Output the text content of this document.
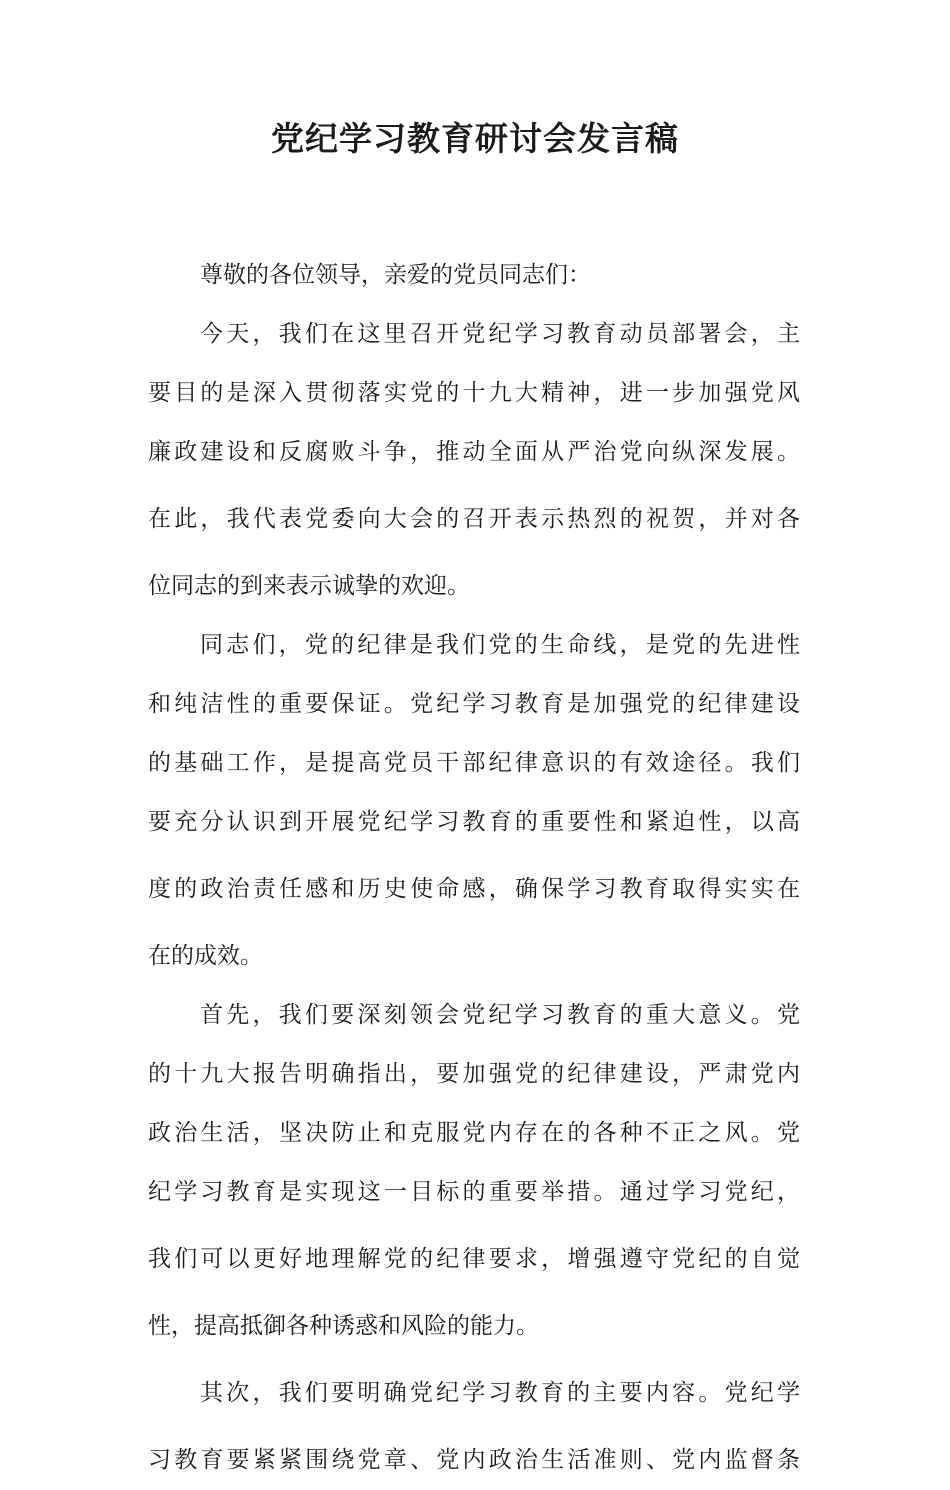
党纪学习教育研讨会发言稿
尊敬的各位领导，亲爱的党员同志们：
今天，我们在这里召开党纪学习教育动员部署会，主
要目的是深入贯彻落实党的十九大精神，进一步加强党风
廉政建设和反腐败斗争，推动全面从严治党向纵深发展。
在此，我代表党委向大会的召开表示热烈的祝贺，并对各
位同志的到来表示诚挚的欢迎。
同志们，党的纪律是我们党的生命线，是党的先进性
和纯洁性的重要保证。党纪学习教育是加强党的纪律建设
的基础工作，是提高党员干部纪律意识的有效途径。我们
要充分认识到开展党纪学习教育的重要性和紧迫性，以高
度的政治责任感和历史使命感，确保学习教育取得实实在
在的成效。
首先，我们要深刻领会党纪学习教育的重大意义。党
的十九大报告明确指出，要加强党的纪律建设，严肃党内
政治生活，坚决防止和克服党内存在的各种不正之风。党
纪学习教育是实现这一目标的重要举措。通过学习党纪，
我们可以更好地理解党的纪律要求，增强遵守党纪的自觉
性，提高抵御各种诱惑和风险的能力。
其次，我们要明确党纪学习教育的主要内容。党纪学
习教育要紧紧围绕党章、党内政治生活准则、党内监督条
